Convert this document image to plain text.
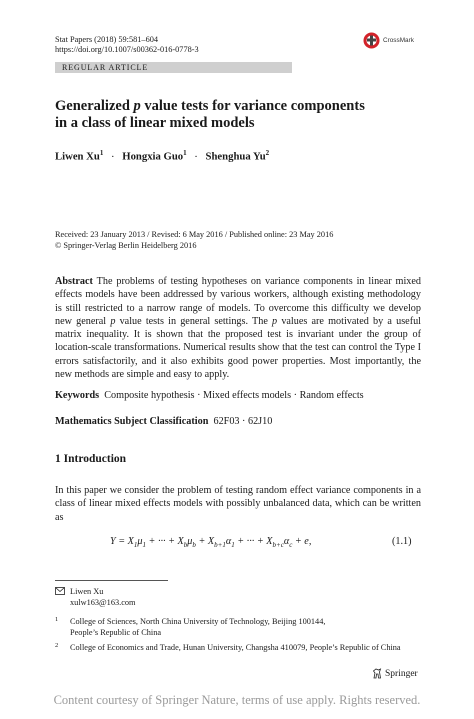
Stat Papers (2018) 59:581–604
https://doi.org/10.1007/s00362-016-0778-3
CrossMark
REGULAR ARTICLE
Generalized p value tests for variance components
in a class of linear mixed models
Liwen $Xu^1$ · Hongxia Guo$^1$ · Shenghua Yu$^2$
Received: 23 January 2013 / Revised: 6 May 2016 / Published online: 23 May 2016
© Springer-Verlag Berlin Heidelberg 2016
Abstract The problems of testing hypotheses on variance components in linear mixed effects models have been addressed by various workers, although existing methodology is still restricted to a narrow range of models. To overcome this difficulty we develop new general p value tests in general settings. The p values are motivated by a useful matrix inequality. It is shown that the proposed test is invariant under the group of location-scale transformations. Numerical results show that the test can control the Type I errors satisfactorily, and it also exhibits good power properties. Most importantly, the new methods are simple and easy to apply.
Keywords Composite hypothesis · Mixed effects models · Random effects
Mathematics Subject Classification 62F03 · 62J10
1 Introduction
In this paper we consider the problem of testing random effect variance components in a class of linear mixed effects models with possibly unbalanced data, which can be written as
$Y = X_1\mu_1$ + ··· + $X_b\mu_b + X_{b+1}\alpha_1$ + ··· + $X_{b+c}\alpha_c + e$,	(1.1)
Liwen Xu
xulw163@163.com
1 College of Sciences, North China University of Technology, Beijing 100144,
People’s Republic of China
2 College of Economics and Trade, Hunan University, Changsha 410079, People’s Republic of China
Springer
Content courtesy of Springer Nature, terms of use apply. Rights reserved.
